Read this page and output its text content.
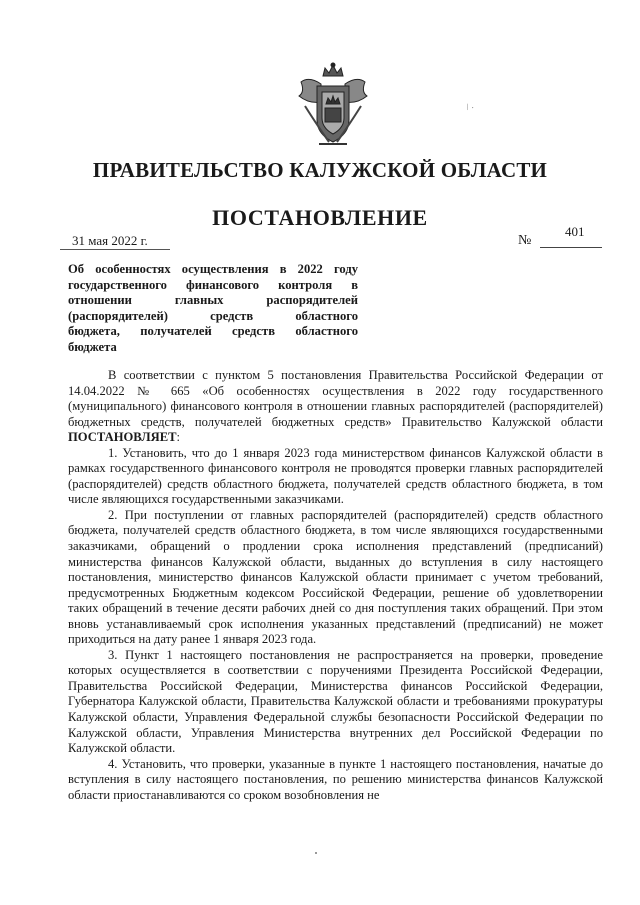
/ .
ПРАВИТЕЛЬСТВО КАЛУЖСКОЙ ОБЛАСТИ
ПОСТАНОВЛЕНИЕ
31 мая 2022 г.	№
401
Об особенностях осуществления в 2022 году
государственного финансового контроля в
отношении главных распорядителей
(распорядителей) средств областного
бюджета, получателей средств областного
бюджета

В соответствии с пунктом 5 постановления Правительства Российской Федерации от 14.04.2022 № 665 «Об особенностях осуществления в 2022 году государственного (муниципального) финансового контроля в отношении главных распорядителей (распорядителей) бюджетных средств, получателей бюджетных средств» Правительство Калужской области ПОСТАНОВЛЯЕТ:

1. Установить, что до 1 января 2023 года министерством финансов Калужской области в рамках государственного финансового контроля не проводятся проверки главных распорядителей (распорядителей) средств областного бюджета, получателей средств областного бюджета, в том числе являющихся государственными заказчиками.

2. При поступлении от главных распорядителей (распорядителей) средств областного бюджета, получателей средств областного бюджета, в том числе являющихся государственными заказчиками, обращений о продлении срока исполнения представлений (предписаний) министерства финансов Калужской области, выданных до вступления в силу настоящего постановления, министерство финансов Калужской области принимает с учетом требований, предусмотренных Бюджетным кодексом Российской Федерации, решение об удовлетворении таких обращений в течение десяти рабочих дней со дня поступления таких обращений. При этом вновь устанавливаемый срок исполнения указанных представлений (предписаний) не может приходиться на дату ранее 1 января 2023 года.

3. Пункт 1 настоящего постановления не распространяется на проверки, проведение которых осуществляется в соответствии с поручениями Президента Российской Федерации, Правительства Российской Федерации, Министерства финансов Российской Федерации, Губернатора Калужской области, Правительства Калужской области и требованиями прокуратуры Калужской области, Управления Федеральной службы безопасности Российской Федерации по Калужской области, Управления Министерства внутренних дел Российской Федерации по Калужской области.

4. Установить, что проверки, указанные в пункте 1 настоящего постановления, начатые до вступления в силу настоящего постановления, по решению министерства финансов Калужской области приостанавливаются со сроком возобновления не
